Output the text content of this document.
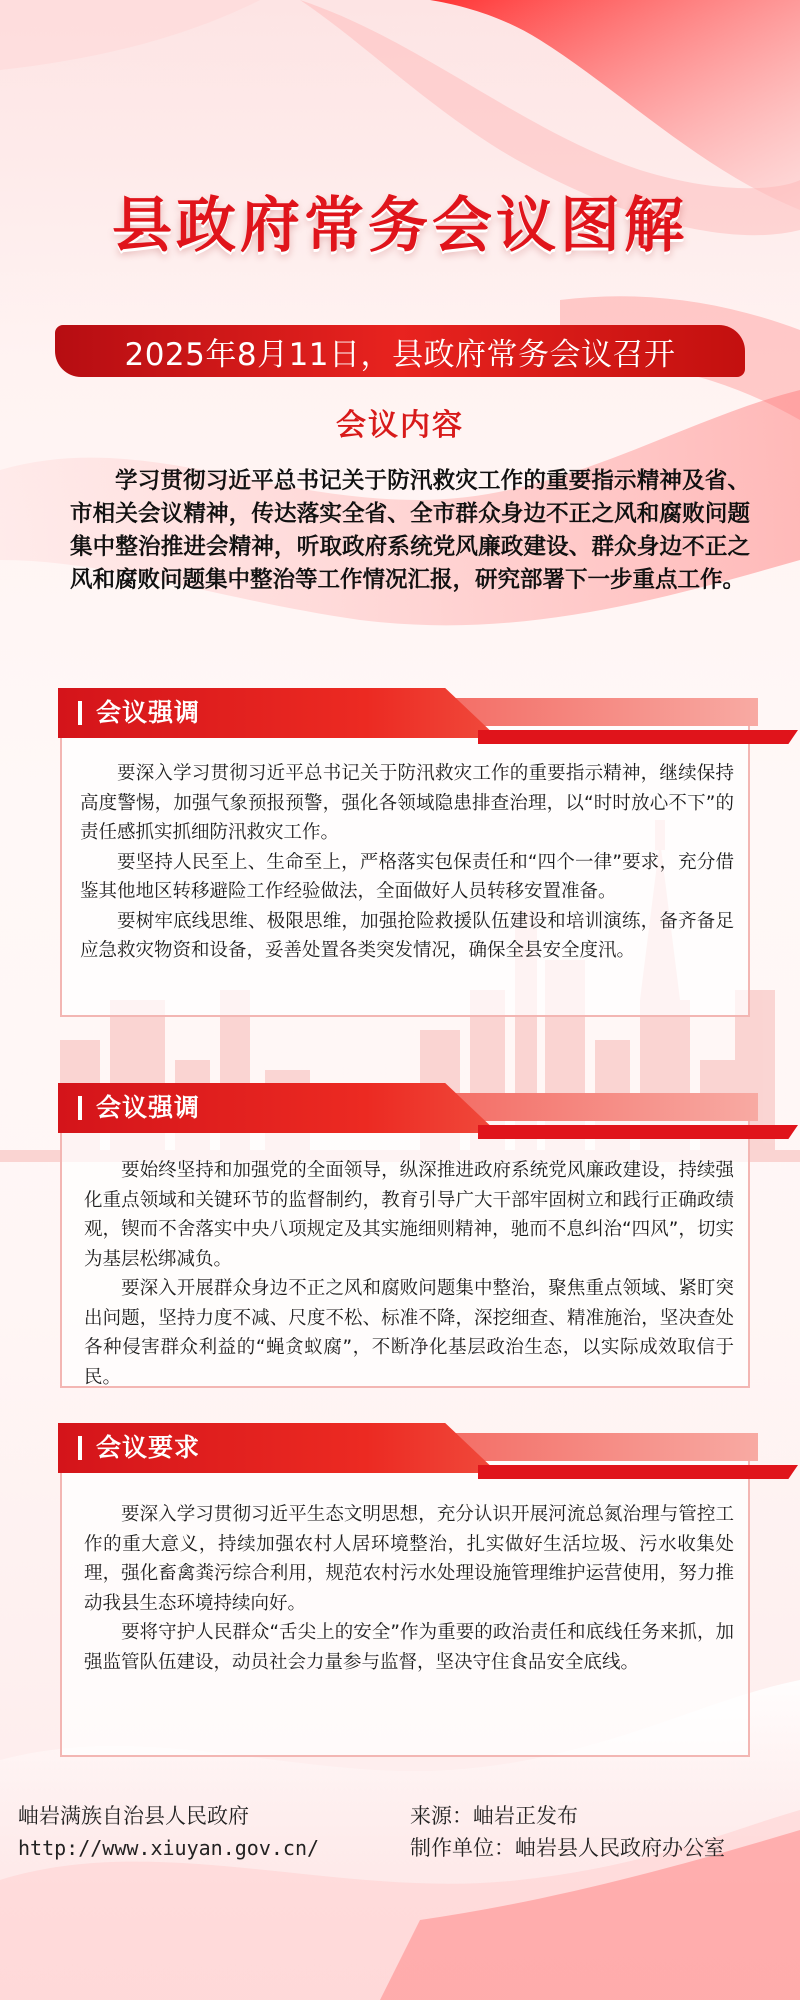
县政府常务会议图解
2025年8月11日，县政府常务会议召开
会议内容

学习贯彻习近平总书记关于防汛救灾工作的重要指示精神及省、市相关会议精神，传达落实全省、全市群众身边不正之风和腐败问题集中整治推进会精神，听取政府系统党风廉政建设、群众身边不正之风和腐败问题集中整治等工作情况汇报，研究部署下一步重点工作。

要深入学习贯彻习近平总书记关于防汛救灾工作的重要指示精神，继续保持高度警惕，加强气象预报预警，强化各领域隐患排查治理，以“时时放心不下”的责任感抓实抓细防汛救灾工作。

要坚持人民至上、生命至上，严格落实包保责任和“四个一律”要求，充分借鉴其他地区转移避险工作经验做法，全面做好人员转移安置准备。

要树牢底线思维、极限思维，加强抢险救援队伍建设和培训演练，备齐备足应急救灾物资和设备，妥善处置各类突发情况，确保全县安全度汛。

会议强调

要始终坚持和加强党的全面领导，纵深推进政府系统党风廉政建设，持续强化重点领域和关键环节的监督制约，教育引导广大干部牢固树立和践行正确政绩观，锲而不舍落实中央八项规定及其实施细则精神，驰而不息纠治“四风”，切实为基层松绑减负。

要深入开展群众身边不正之风和腐败问题集中整治，聚焦重点领域、紧盯突出问题，坚持力度不减、尺度不松、标准不降，深挖细查、精准施治，坚决查处各种侵害群众利益的“蝇贪蚁腐”，不断净化基层政治生态，以实际成效取信于民。

会议强调

要深入学习贯彻习近平生态文明思想，充分认识开展河流总氮治理与管控工作的重大意义，持续加强农村人居环境整治，扎实做好生活垃圾、污水收集处理，强化畜禽粪污综合利用，规范农村污水处理设施管理维护运营使用，努力推动我县生态环境持续向好。

要将守护人民群众“舌尖上的安全”作为重要的政治责任和底线任务来抓，加强监管队伍建设，动员社会力量参与监督，坚决守住食品安全底线。

会议要求
岫岩满族自治县人民政府
http://www.xiuyan.gov.cn/
来源：岫岩正发布
制作单位：岫岩县人民政府办公室
